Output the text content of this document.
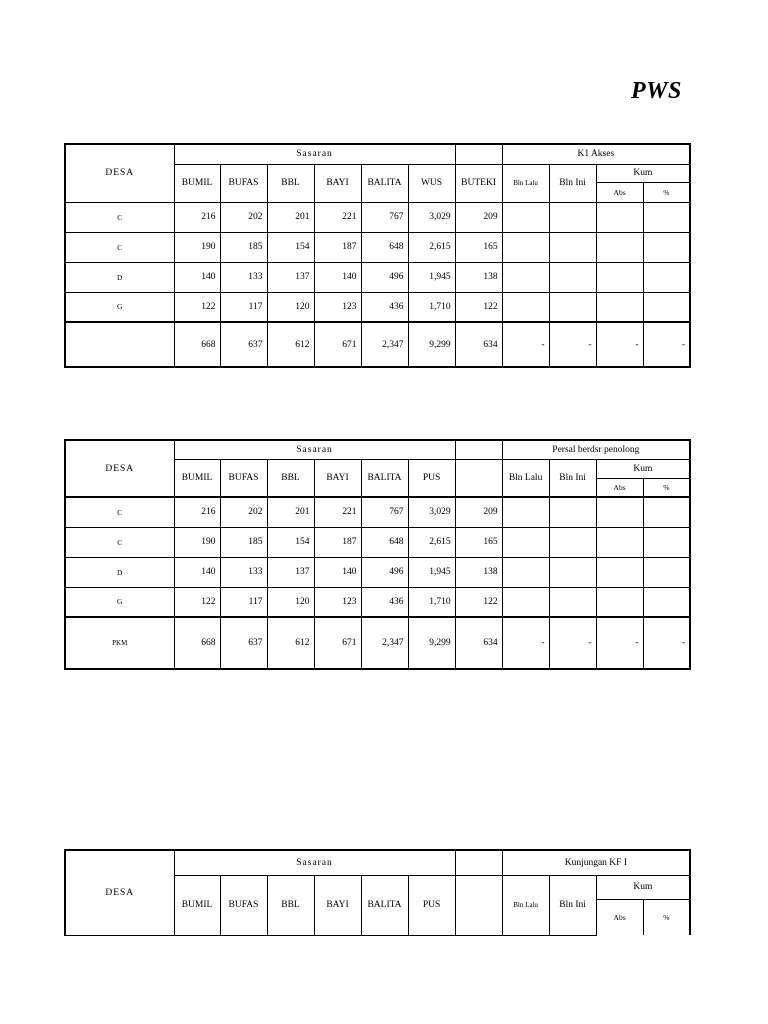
PWS
DESA	Sasaran							K1 Akses			
	BUMIL	BUFAS	BBL	BAYI	BALITA	WUS	BUTEKI	Bln Lalu	Bln Ini	Kum	
										Abs	%
C	216	202	201	221	767	3,029	209				
C	190	185	154	187	648	2,615	165				
D	140	133	137	140	496	1,945	138				
G	122	117	120	123	436	1,710	122				
	668	637	612	671	2,347	9,299	634	-	-	-	-
DESA	Sasaran							Persal berdsr penolong			
	BUMIL	BUFAS	BBL	BAYI	BALITA	PUS		Bln Lalu	Bln Ini	Kum	
										Abs	%
C	216	202	201	221	767	3,029	209				
C	190	185	154	187	648	2,615	165				
D	140	133	137	140	496	1,945	138				
G	122	117	120	123	436	1,710	122				
PKM	668	637	612	671	2,347	9,299	634	-	-	-	-
DESA	Sasaran							Kunjungan KF I			
	BUMIL	BUFAS	BBL	BAYI	BALITA	PUS		Bln Lalu	Bln Ini	Kum	
										Abs	%
